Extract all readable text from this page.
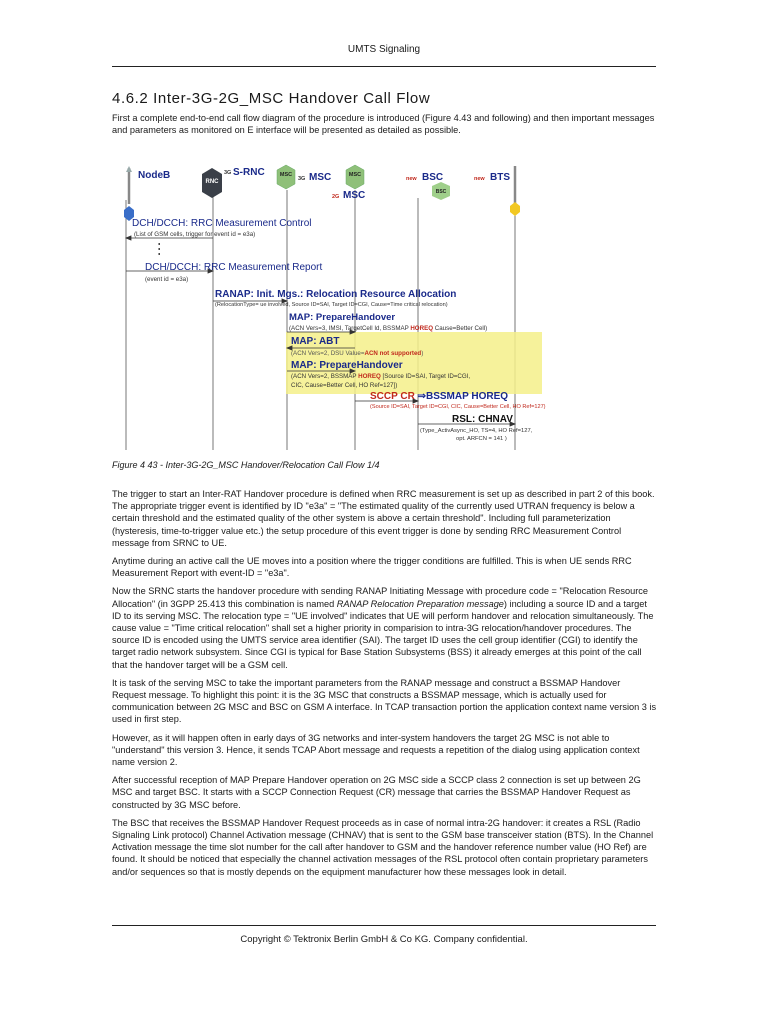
UMTS Signaling
4.6.2 Inter-3G-2G_MSC Handover Call Flow
First a complete end-to-end call flow diagram of the procedure is introduced (Figure 4.43 and following) and then important messages and parameters as monitored on E interface will be presented as detailed as possible.
RNC
MSC	MSC
BSC
NodeB	3G S-RNC
3G MSC
2G MSC
new BSC	new BTS
DCH/DCCH: RRC Measurement Control
(List of GSM cells, trigger for event id = e3a)
DCH/DCCH: RRC Measurement Report
(event id = e3a)
RANAP: Init. Mgs.: Relocation Resource Allocation
(RelocationType= ue involved, Source ID=SAI, Target ID=CGI, Cause=Time critical relocation)
MAP: PrepareHandover
(ACN Vers=3, IMSI, TargetCell Id, BSSMAP HOREQ Cause=Better Cell)
MAP: ABT
(ACN Vers=2, DSU Value=ACN not supported)
MAP: PrepareHandover
(ACN Vers=2, BSSMAP HOREQ [Source ID=SAI, Target ID=CGI,
CIC, Cause=Better Cell, HO Ref=127])
SCCP CR ⇒BSSMAP HOREQ
(Source ID=SAI, Target ID=CGI, CIC, Cause=Better Cell, HO Ref=127)
RSL: CHNAV
(Type_ActivAsync_HO, TS=4, HO Ref=127,
opt. ARFCN = 141 )
Figure 4 43 - Inter-3G-2G_MSC Handover/Relocation Call Flow 1/4

The trigger to start an Inter-RAT Handover procedure is defined when RRC measurement is set up as described in part 2 of this book. The appropriate trigger event is identified by ID "e3a" = "The estimated quality of the currently used UTRAN frequency is below a certain threshold and the estimated quality of the other system is above a certain threshold". Including full parameterization (hysteresis, time-to-trigger value etc.) the setup procedure of this event trigger is done by sending RRC Measurement Control message from SRNC to UE.

Anytime during an active call the UE moves into a position where the trigger conditions are fulfilled. This is when UE sends RRC Measurement Report with event-ID = "e3a".

Now the SRNC starts the handover procedure with sending RANAP Initiating Message with procedure code = "Relocation Resource Allocation" (in 3GPP 25.413 this combination is named RANAP Relocation Preparation message) including a source ID and a target ID to its serving MSC. The relocation type = "UE involved" indicates that UE will perform handover and relocation simultaneously. The cause value = "Time critical relocation" shall set a higher priority in comparision to intra-3G relocation/handover procedures. The source ID is encoded using the UMTS service area identifier (SAI). The target ID uses the cell group identifier (CGI) to identify the target radio network subsystem. Since CGI is typical for Base Station Subsystems (BSS) it already emerges at this point of the call that the handover target will be a GSM cell.

It is task of the serving MSC to take the important parameters from the RANAP message and construct a BSSMAP Handover Request message. To highlight this point: it is the 3G MSC that constructs a BSSMAP message, which is actually used for communication between 2G MSC and BSC on GSM A interface. In TCAP transaction portion the application context name version 3 is used in first step.

However, as it will happen often in early days of 3G networks and inter-system handovers the target 2G MSC is not able to "understand" this version 3. Hence, it sends TCAP Abort message and requests a repetition of the dialog using application context name version 2.

After successful reception of MAP Prepare Handover operation on 2G MSC side a SCCP class 2 connection is set up between 2G MSC and target BSC. It starts with a SCCP Connection Request (CR) message that carries the BSSMAP Handover Request as constructed by 3G MSC before.

The BSC that receives the BSSMAP Handover Request proceeds as in case of normal intra-2G handover: it creates a RSL (Radio Signaling Link protocol) Channel Activation message (CHNAV) that is sent to the GSM base transceiver station (BTS). In the Channel Activation message the time slot number for the call after handover to GSM and the handover reference number value (HO Ref) are found. It should be noticed that especially the channel activation messages of the RSL protocol often contain proprietary parameters and/or sequences so that is mostly depends on the equipment manufacturer how these messages look in detail.

Copyright © Tektronix Berlin GmbH & Co KG. Company confidential.
